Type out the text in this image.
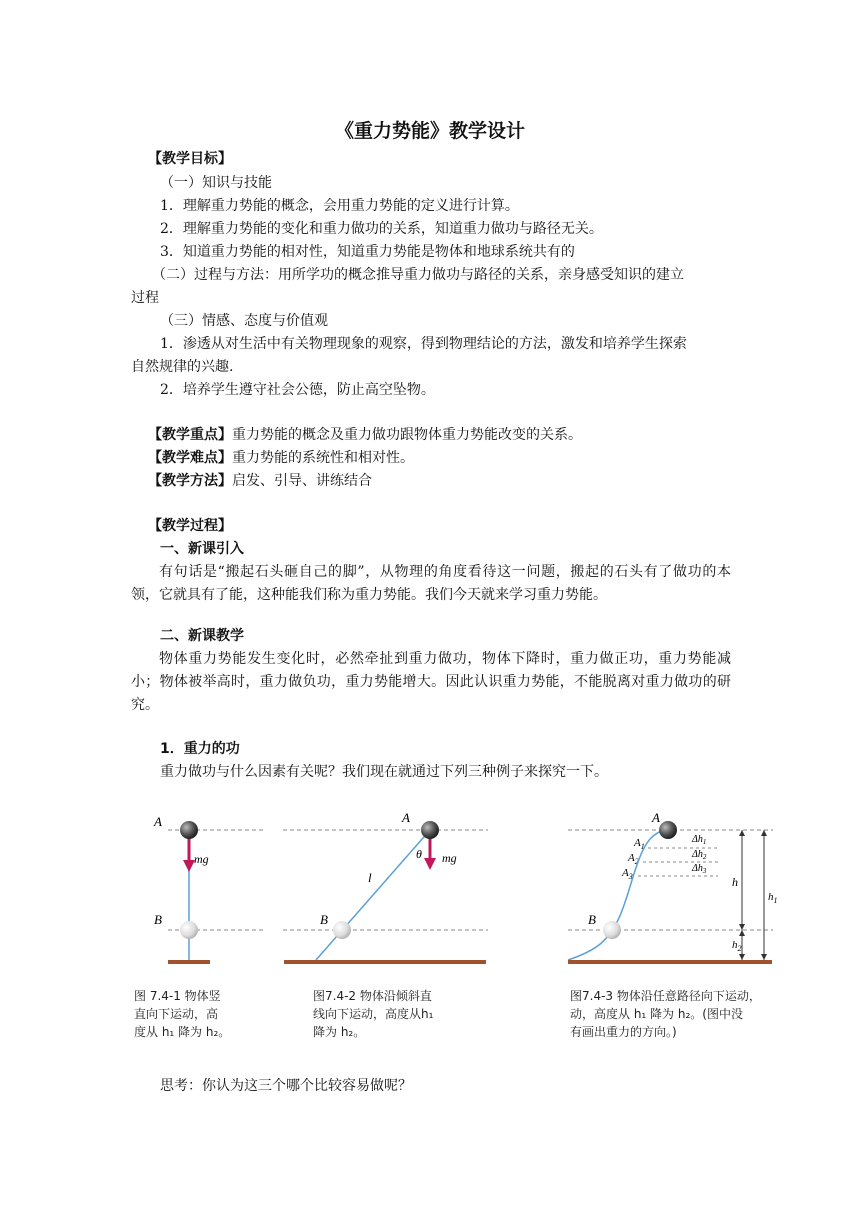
《重力势能》教学设计
【教学目标】
（一）知识与技能
1．理解重力势能的概念，会用重力势能的定义进行计算。
2．理解重力势能的变化和重力做功的关系，知道重力做功与路径无关。
3．知道重力势能的相对性，知道重力势能是物体和地球系统共有的
（二）过程与方法：用所学功的概念推导重力做功与路径的关系，亲身感受知识的建立
过程
（三）情感、态度与价值观
1．渗透从对生活中有关物理现象的观察，得到物理结论的方法，激发和培养学生探索
自然规律的兴趣.
2．培养学生遵守社会公德，防止高空坠物。
【教学重点】重力势能的概念及重力做功跟物体重力势能改变的关系。
【教学难点】重力势能的系统性和相对性。
【教学方法】启发、引导、讲练结合
【教学过程】
一、新课引入
有句话是“搬起石头砸自己的脚”，从物理的角度看待这一问题，搬起的石头有了做功的本领，它就具有了能，这种能我们称为重力势能。我们今天就来学习重力势能。
二、新课教学
物体重力势能发生变化时，必然牵扯到重力做功，物体下降时，重力做正功，重力势能减小；物体被举高时，重力做负功，重力势能增大。因此认识重力势能，不能脱离对重力做功的研究。
1．重力的功
重力做功与什么因素有关呢？我们现在就通过下列三种例子来探究一下。
A
B
mg
图 7.4-1 物体竖
直向下运动，高
度从 h₁ 降为 h₂。
A
B
l
θ mg
图7.4-2 物体沿倾斜直
线向下运动，高度从h₁
降为 h₂。
A
$A_1$
$A_2$
$A_3$
B
$\Delta h_1$
$\Delta h_2$
$\Delta h_3$
h
$h_2$
$h_1$
图7.4-3 物体沿任意路径向下运动，
动，高度从 h₁ 降为 h₂。(图中没
有画出重力的方向。)
思考：你认为这三个哪个比较容易做呢？
